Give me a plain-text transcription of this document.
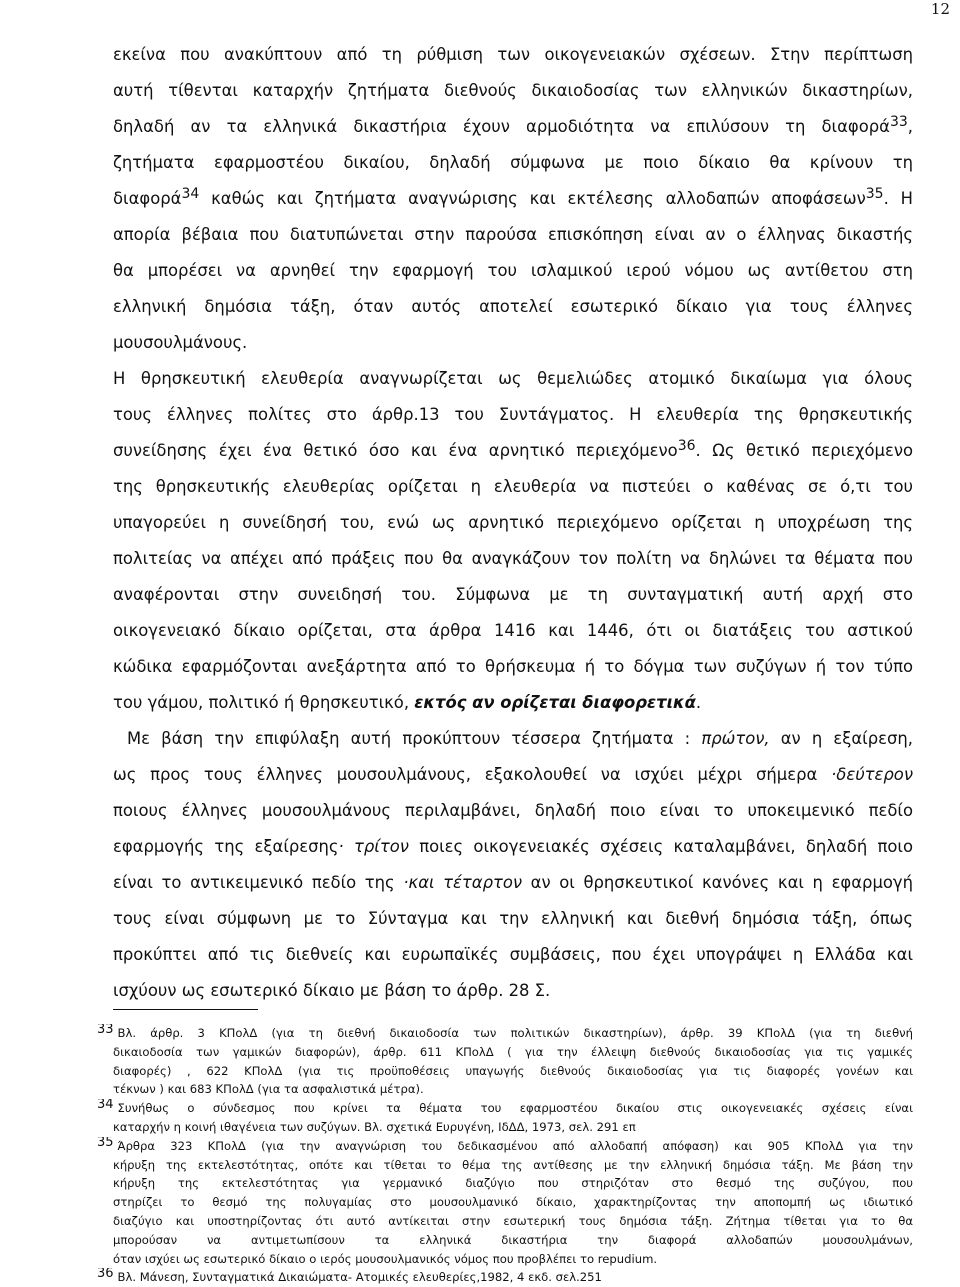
12
εκείνα που ανακύπτουν από τη ρύθμιση των οικογενειακών σχέσεων. Στην περίπτωση
αυτή τίθενται καταρχήν ζητήματα διεθνούς δικαιοδοσίας των ελληνικών δικαστηρίων,
δηλαδή αν τα ελληνικά δικαστήρια έχουν αρμοδιότητα να επιλύσουν τη διαφορά33,
ζητήματα εφαρμοστέου δικαίου, δηλαδή σύμφωνα με ποιο δίκαιο θα κρίνουν τη
διαφορά34 καθώς και ζητήματα αναγνώρισης και εκτέλεσης αλλοδαπών αποφάσεων35. Η
απορία βέβαια που διατυπώνεται στην παρούσα επισκόπηση είναι αν ο έλληνας δικαστής
θα μπορέσει να αρνηθεί την εφαρμογή του ισλαμικού ιερού νόμου ως αντίθετου στη
ελληνική δημόσια τάξη, όταν αυτός αποτελεί εσωτερικό δίκαιο για τους έλληνες
μουσουλμάνους.
Η θρησκευτική ελευθερία αναγνωρίζεται ως θεμελιώδες ατομικό δικαίωμα για όλους
τους έλληνες πολίτες στο άρθρ.13 του Συντάγματος. Η ελευθερία της θρησκευτικής
συνείδησης έχει ένα θετικό όσο και ένα αρνητικό περιεχόμενο36. Ως θετικό περιεχόμενο
της θρησκευτικής ελευθερίας ορίζεται η ελευθερία να πιστεύει ο καθένας σε ό,τι του
υπαγορεύει η συνείδησή του, ενώ ως αρνητικό περιεχόμενο ορίζεται η υποχρέωση της
πολιτείας να απέχει από πράξεις που θα αναγκάζουν τον πολίτη να δηλώνει τα θέματα που
αναφέρονται στην συνειδησή του. Σύμφωνα με τη συνταγματική αυτή αρχή στο
οικογενειακό δίκαιο ορίζεται, στα άρθρα 1416 και 1446, ότι οι διατάξεις του αστικού
κώδικα εφαρμόζονται ανεξάρτητα από το θρήσκευμα ή το δόγμα των συζύγων ή τον τύπο
του γάμου, πολιτικό ή θρησκευτικό, εκτός αν ορίζεται διαφορετικά.
Με βάση την επιφύλαξη αυτή προκύπτουν τέσσερα ζητήματα : πρώτον, αν η εξαίρεση,
ως προς τους έλληνες μουσουλμάνους, εξακολουθεί να ισχύει μέχρι σήμερα ·δεύτερον
ποιους έλληνες μουσουλμάνους περιλαμβάνει, δηλαδή ποιο είναι το υποκειμενικό πεδίο
εφαρμογής της εξαίρεσης· τρίτον ποιες οικογενειακές σχέσεις καταλαμβάνει, δηλαδή ποιο
είναι το αντικειμενικό πεδίο της ·και τέταρτον αν οι θρησκευτικοί κανόνες και η εφαρμογή
τους είναι σύμφωνη με το Σύνταγμα και την ελληνική και διεθνή δημόσια τάξη, όπως
προκύπτει από τις διεθνείς και ευρωπαϊκές συμβάσεις, που έχει υπογράψει η Ελλάδα και
ισχύουν ως εσωτερικό δίκαιο με βάση το άρθρ. 28 Σ.
33 Βλ. άρθρ. 3 ΚΠολΔ (για τη διεθνή δικαιοδοσία των πολιτικών δικαστηρίων), άρθρ. 39 ΚΠολΔ (για τη διεθνή
δικαιοδοσία των γαμικών διαφορών), άρθρ. 611 ΚΠολΔ ( για την έλλειψη διεθνούς δικαιοδοσίας για τις γαμικές
διαφορές) , 622 ΚΠολΔ (για τις προϋποθέσεις υπαγωγής διεθνούς δικαιοδοσίας για τις διαφορές γονέων και
τέκνων ) και 683 ΚΠολΔ (για τα ασφαλιστικά μέτρα).
34 Συνήθως ο σύνδεσμος που κρίνει τα θέματα του εφαρμοστέου δικαίου στις οικογενειακές σχέσεις είναι
καταρχήν η κοινή ιθαγένεια των συζύγων. Βλ. σχετικά Ευρυγένη, ΙδΔΔ, 1973, σελ. 291 επ
35 Άρθρα 323 ΚΠολΔ (για την αναγνώριση του δεδικασμένου από αλλοδαπή απόφαση) και 905 ΚΠολΔ για την
κήρυξη της εκτελεστότητας, οπότε και τίθεται το θέμα της αντίθεσης με την ελληνική δημόσια τάξη. Με βάση την
κήρυξη της εκτελεστότητας για γερμανικό διαζύγιο που στηριζόταν στο θεσμό της συζύγου, που
στηρίζει το θεσμό της πολυγαμίας στο μουσουλμανικό δίκαιο, χαρακτηρίζοντας την αποπομπή ως ιδιωτικό
διαζύγιο και υποστηρίζοντας ότι αυτό αντίκειται στην εσωτερική τους δημόσια τάξη. Ζήτημα τίθεται για το θα
μπορούσαν να αντιμετωπίσουν τα ελληνικά δικαστήρια την διαφορά αλλοδαπών μουσουλμάνων,
όταν ισχύει ως εσωτερικό δίκαιο ο ιερός μουσουλμανικός νόμος που προβλέπει το repudium.
36 Βλ. Μάνεση, Συνταγματικά Δικαιώματα- Ατομικές ελευθερίες,1982, 4 εκδ. σελ.251
